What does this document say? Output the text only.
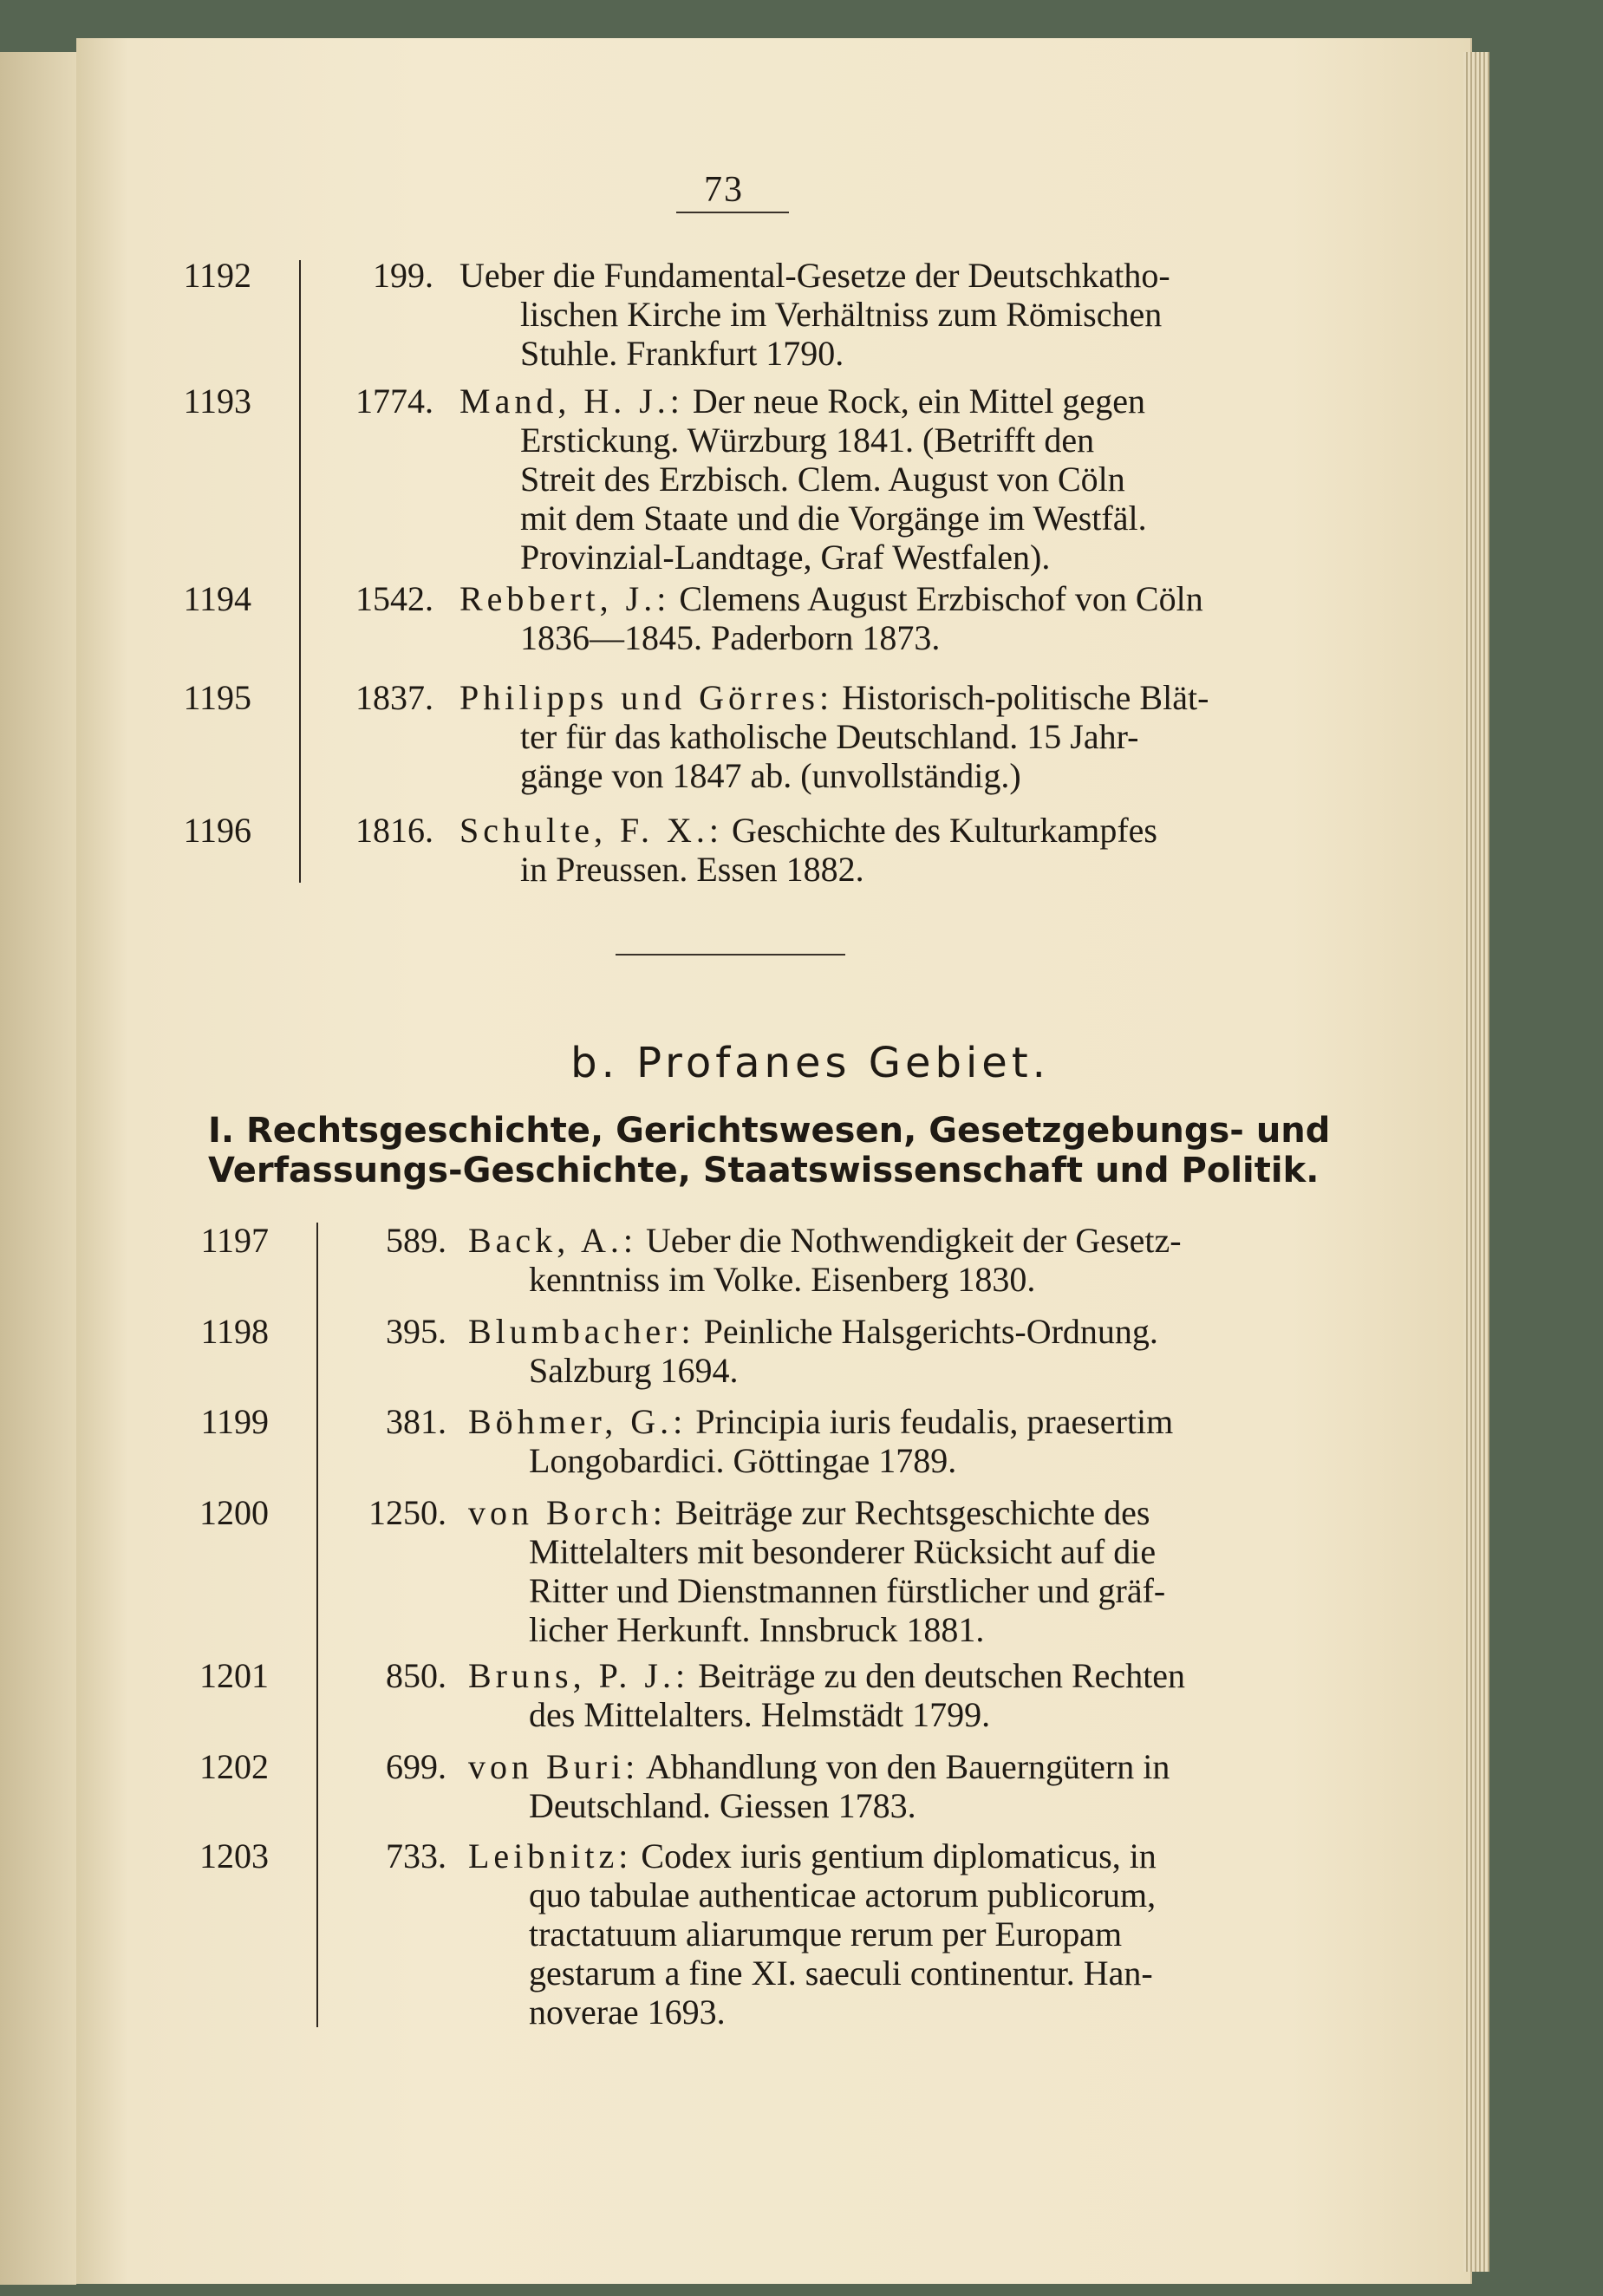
73
1192	199. Ueber die Fundamental-Gesetze der Deutschkatho-
lischen Kirche im Verhältniss zum Römischen
Stuhle. Frankfurt 1790.
1193	1774. Mand, H. J.: Der neue Rock, ein Mittel gegen
Erstickung. Würzburg 1841. (Betrifft den
Streit des Erzbisch. Clem. August von Cöln
mit dem Staate und die Vorgänge im Westfäl.
Provinzial-Landtage, Graf Westfalen).
1194	1542. Rebbert, J.: Clemens August Erzbischof von Cöln
1836—1845. Paderborn 1873.
1195	1837. Philipps und Görres: Historisch-politische Blät-
ter für das katholische Deutschland. 15 Jahr-
gänge von 1847 ab. (unvollständig.)
1196	1816. Schulte, F. X.: Geschichte des Kulturkampfes
in Preussen. Essen 1882.
b. Profanes Gebiet.
I. Rechtsgeschichte, Gerichtswesen, Gesetzgebungs- und
Verfassungs-Geschichte, Staatswissenschaft und Politik.
1197	589. Back, A.: Ueber die Nothwendigkeit der Gesetz-
kenntniss im Volke. Eisenberg 1830.
1198	395. Blumbacher: Peinliche Halsgerichts-Ordnung.
Salzburg 1694.
1199	381. Böhmer, G.: Principia iuris feudalis, praesertim
Longobardici. Göttingae 1789.
1200	1250. von Borch: Beiträge zur Rechtsgeschichte des
Mittelalters mit besonderer Rücksicht auf die
Ritter und Dienstmannen fürstlicher und gräf-
licher Herkunft. Innsbruck 1881.
1201	850. Bruns, P. J.: Beiträge zu den deutschen Rechten
des Mittelalters. Helmstädt 1799.
1202	699. von Buri: Abhandlung von den Bauerngütern in
Deutschland. Giessen 1783.
1203	733. Leibnitz: Codex iuris gentium diplomaticus, in
quo tabulae authenticae actorum publicorum,
tractatuum aliarumque rerum per Europam
gestarum a fine XI. saeculi continentur. Han-
noverae 1693.
